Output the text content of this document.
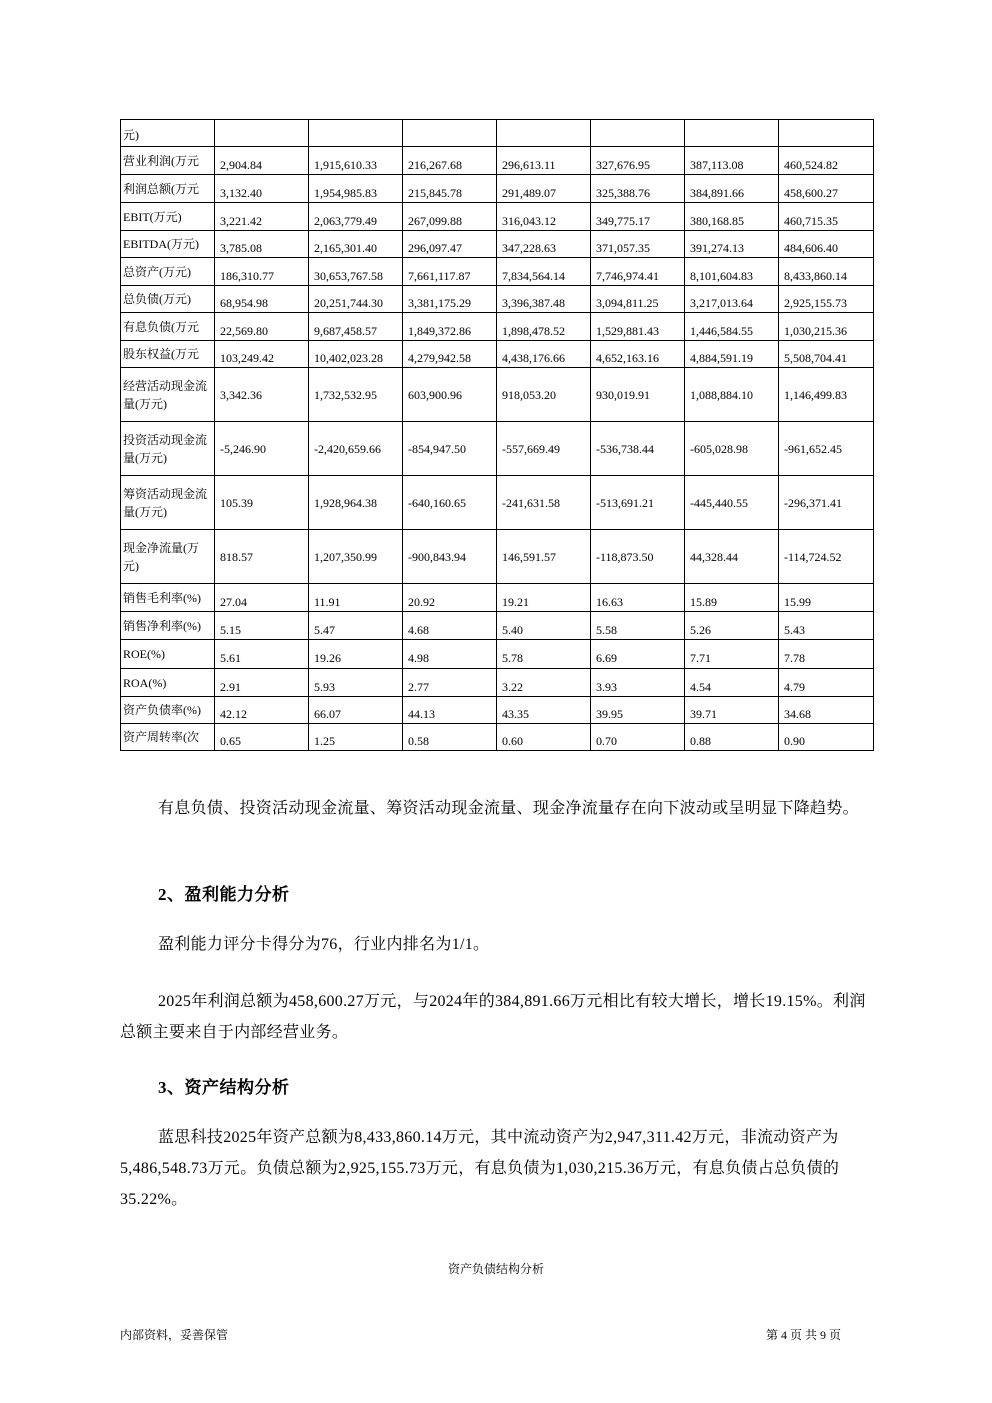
元)							
营业利润(万元	2,904.84	1,915,610.33	216,267.68	296,613.11	327,676.95	387,113.08	460,524.82
利润总额(万元	3,132.40	1,954,985.83	215,845.78	291,489.07	325,388.76	384,891.66	458,600.27
EBIT(万元)	3,221.42	2,063,779.49	267,099.88	316,043.12	349,775.17	380,168.85	460,715.35
EBITDA(万元)	3,785.08	2,165,301.40	296,097.47	347,228.63	371,057.35	391,274.13	484,606.40
总资产(万元)	186,310.77	30,653,767.58	7,661,117.87	7,834,564.14	7,746,974.41	8,101,604.83	8,433,860.14
总负债(万元)	68,954.98	20,251,744.30	3,381,175.29	3,396,387.48	3,094,811.25	3,217,013.64	2,925,155.73
有息负债(万元	22,569.80	9,687,458.57	1,849,372.86	1,898,478.52	1,529,881.43	1,446,584.55	1,030,215.36
股东权益(万元	103,249.42	10,402,023.28	4,279,942.58	4,438,176.66	4,652,163.16	4,884,591.19	5,508,704.41
经营活动现金流量(万元)	3,342.36	1,732,532.95	603,900.96	918,053.20	930,019.91	1,088,884.10	1,146,499.83
投资活动现金流量(万元)	-5,246.90	-2,420,659.66	-854,947.50	-557,669.49	-536,738.44	-605,028.98	-961,652.45
筹资活动现金流量(万元)	105.39	1,928,964.38	-640,160.65	-241,631.58	-513,691.21	-445,440.55	-296,371.41
现金净流量(万元)	818.57	1,207,350.99	-900,843.94	146,591.57	-118,873.50	44,328.44	-114,724.52
销售毛利率(%)	27.04	11.91	20.92	19.21	16.63	15.89	15.99
销售净利率(%)	5.15	5.47	4.68	5.40	5.58	5.26	5.43
ROE(%)	5.61	19.26	4.98	5.78	6.69	7.71	7.78
ROA(%)	2.91	5.93	2.77	3.22	3.93	4.54	4.79
资产负债率(%)	42.12	66.07	44.13	43.35	39.95	39.71	34.68
资产周转率(次	0.65	1.25	0.58	0.60	0.70	0.88	0.90

有息负债、投资活动现金流量、筹资活动现金流量、现金净流量存在向下波动或呈明显下降趋势。

2、盈利能力分析

盈利能力评分卡得分为76，行业内排名为1/1。

2025年利润总额为458,600.27万元，与2024年的384,891.66万元相比有较大增长，增长19.15%。利润总额主要来自于内部经营业务。

3、资产结构分析

蓝思科技2025年资产总额为8,433,860.14万元，其中流动资产为2,947,311.42万元，非流动资产为5,486,548.73万元。负债总额为2,925,155.73万元，有息负债为1,030,215.36万元，有息负债占总负债的35.22%。

资产负债结构分析
内部资料，妥善保管	第 4 页 共 9 页
